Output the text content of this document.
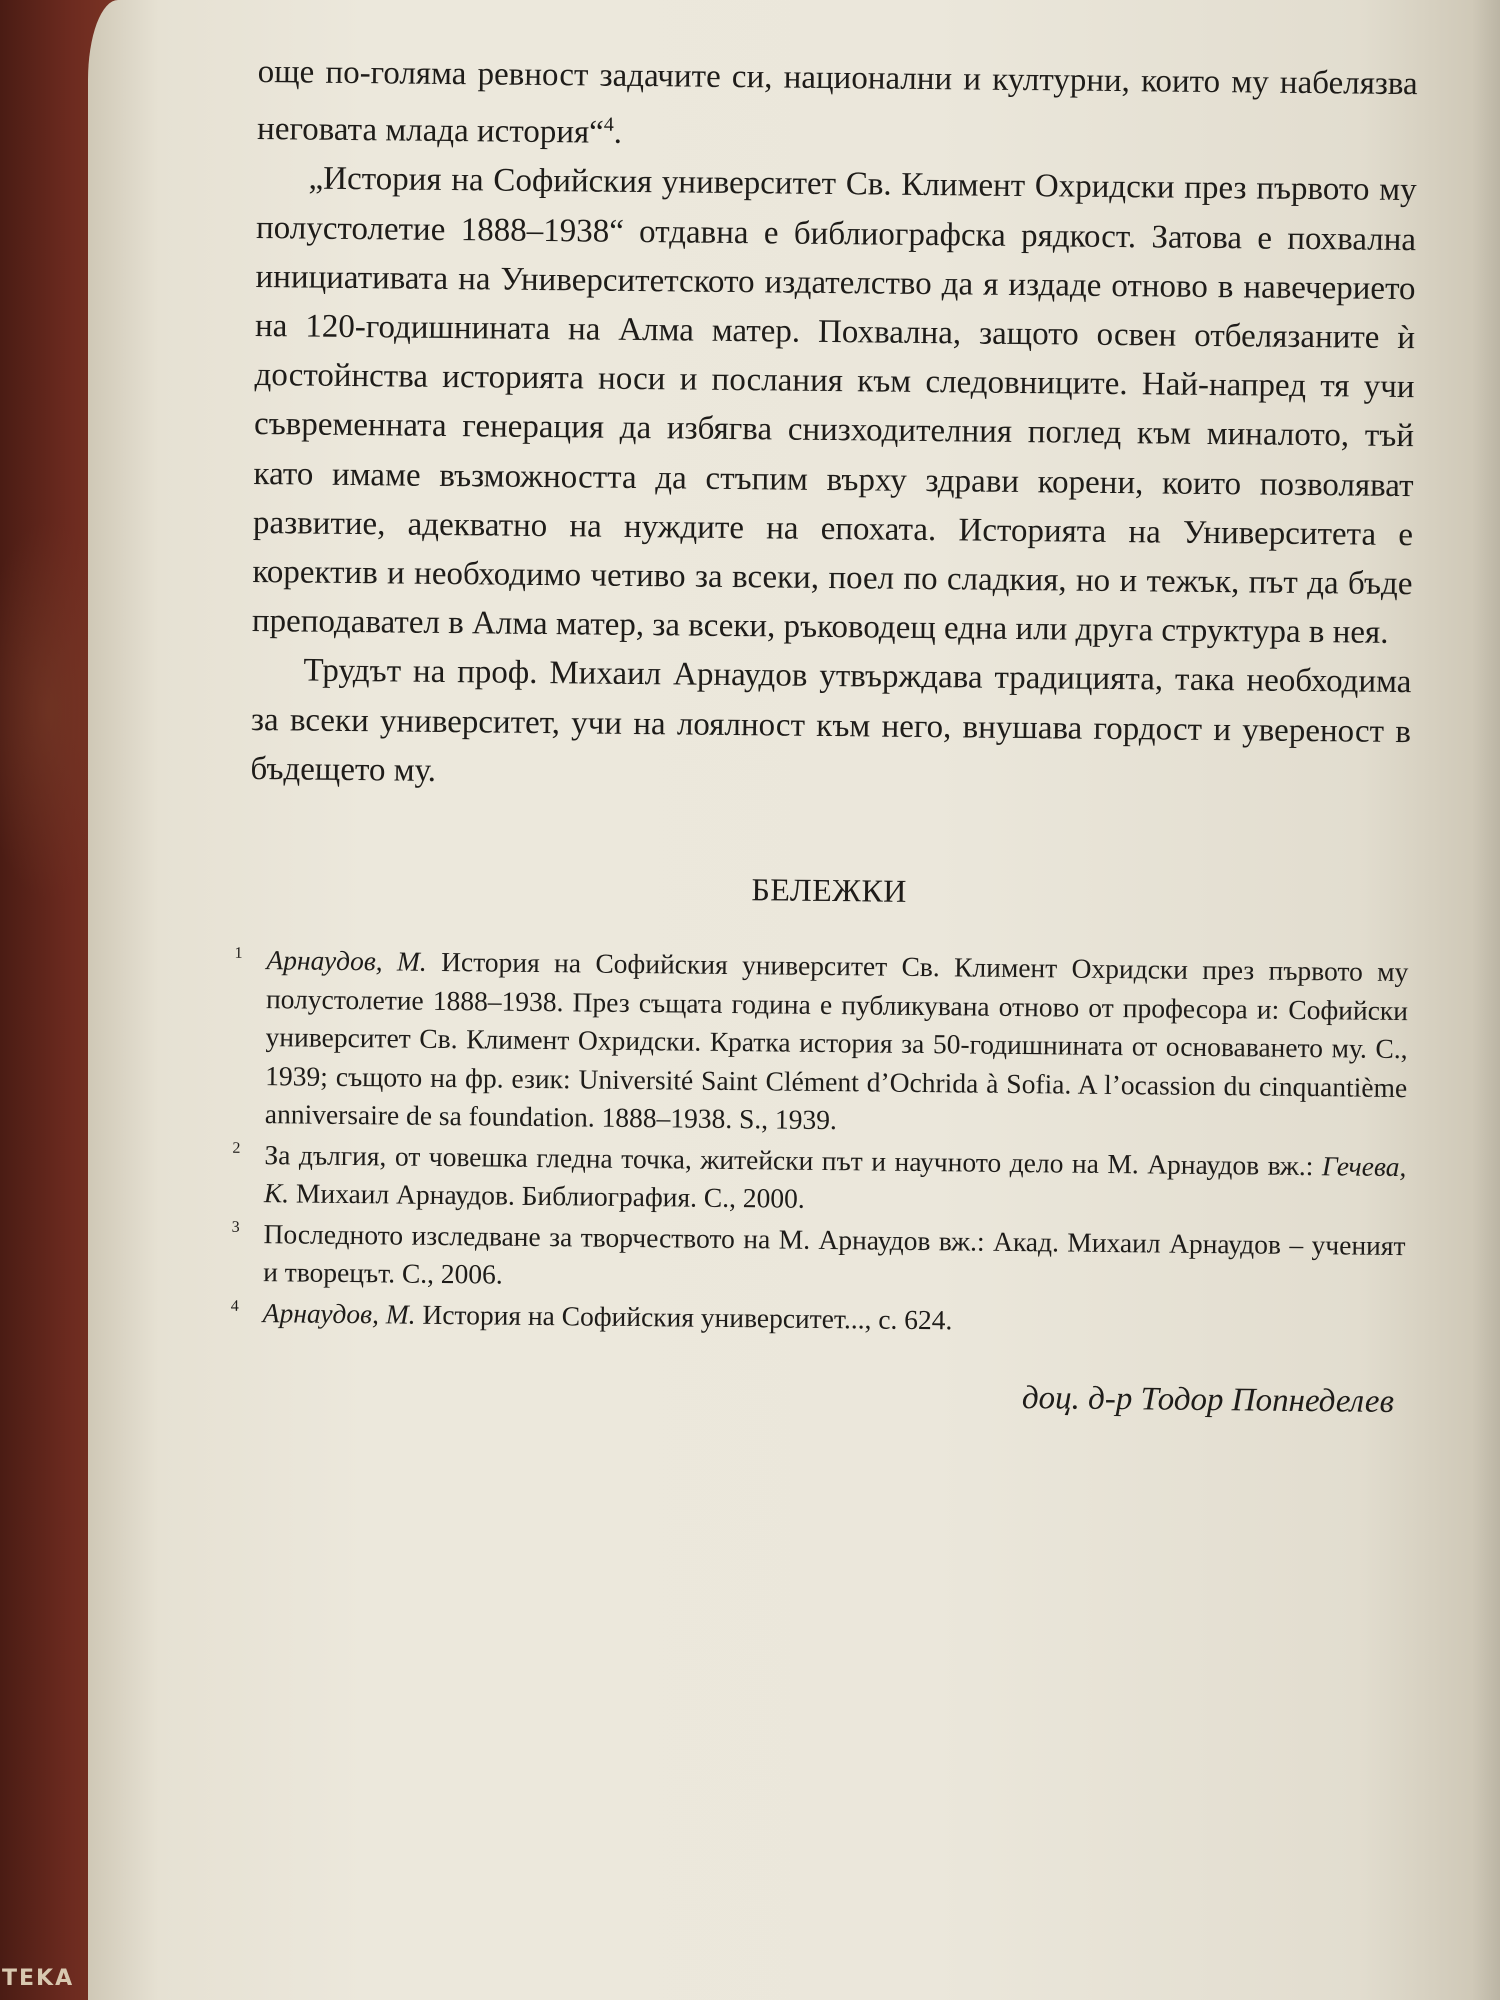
TEKA

още по-голяма ревност задачите си, национални и културни, които му набелязва неговата млада история“$^4$.

„История на Софийския университет Св. Климент Охридски през първото му полустолетие 1888–1938“ отдавна е библиографска рядкост. Затова е похвална инициативата на Университетското издателство да я издаде отново в навечерието на 120-годишнината на Алма матер. Похвална, защото освен отбелязаните ѝ достойнства историята носи и послания към следовниците. Най-напред тя учи съвременната генерация да избягва снизходителния поглед към миналото, тъй като имаме възможността да стъпим върху здрави корени, които позволяват развитие, адекватно на нуждите на епохата. Историята на Университета е коректив и необходимо четиво за всеки, поел по сладкия, но и тежък, път да бъде преподавател в Алма матер, за всеки, ръководещ една или друга структура в нея.

Трудът на проф. Михаил Арнаудов утвърждава традицията, така необходима за всеки университет, учи на лоялност към него, внушава гордост и увереност в бъдещето му.

БЕЛЕЖКИ

1 Арнаудов, М. История на Софийския университет Св. Климент Охридски през първото му полустолетие 1888–1938. През същата година е публикувана отново от професора и: Софийски университет Св. Климент Охридски. Кратка история за 50-годишнината от основаването му. С., 1939; същото на фр. език: Université Saint Clément d’Ochrida à Sofia. A l’ocassion du cinquantième anniversaire de sa foundation. 1888–1938. S., 1939.

2 За дългия, от човешка гледна точка, житейски път и научното дело на М. Арнаудов вж.: Гечева, К. Михаил Арнаудов. Библиография. С., 2000.

3 Последното изследване за творчеството на М. Арнаудов вж.: Акад. Михаил Арнаудов – ученият и творецът. С., 2006.

4 Арнаудов, М. История на Софийския университет..., с. 624.

доц. д-р Тодор Попнеделев
